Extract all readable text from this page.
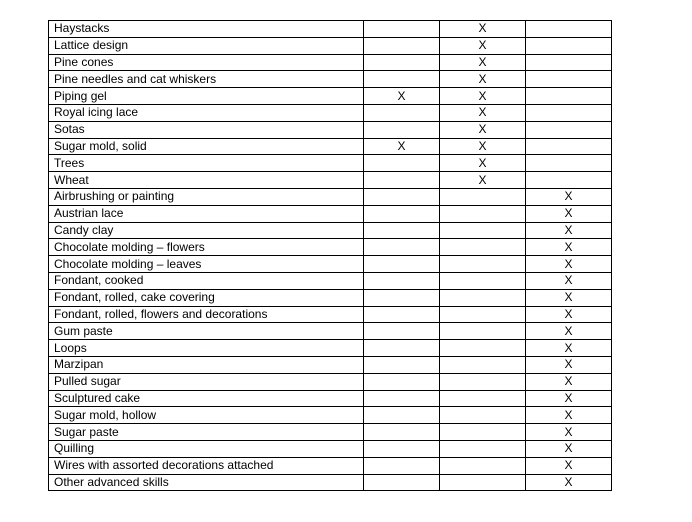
Haystacks		X	
Lattice design		X	
Pine cones		X	
Pine needles and cat whiskers		X	
Piping gel	X	X	
Royal icing lace		X	
Sotas		X	
Sugar mold, solid	X	X	
Trees		X	
Wheat		X	
Airbrushing or painting			X
Austrian lace			X
Candy clay			X
Chocolate molding – flowers			X
Chocolate molding – leaves			X
Fondant, cooked			X
Fondant, rolled, cake covering			X
Fondant, rolled, flowers and decorations			X
Gum paste			X
Loops			X
Marzipan			X
Pulled sugar			X
Sculptured cake			X
Sugar mold, hollow			X
Sugar paste			X
Quilling			X
Wires with assorted decorations attached			X
Other advanced skills			X
